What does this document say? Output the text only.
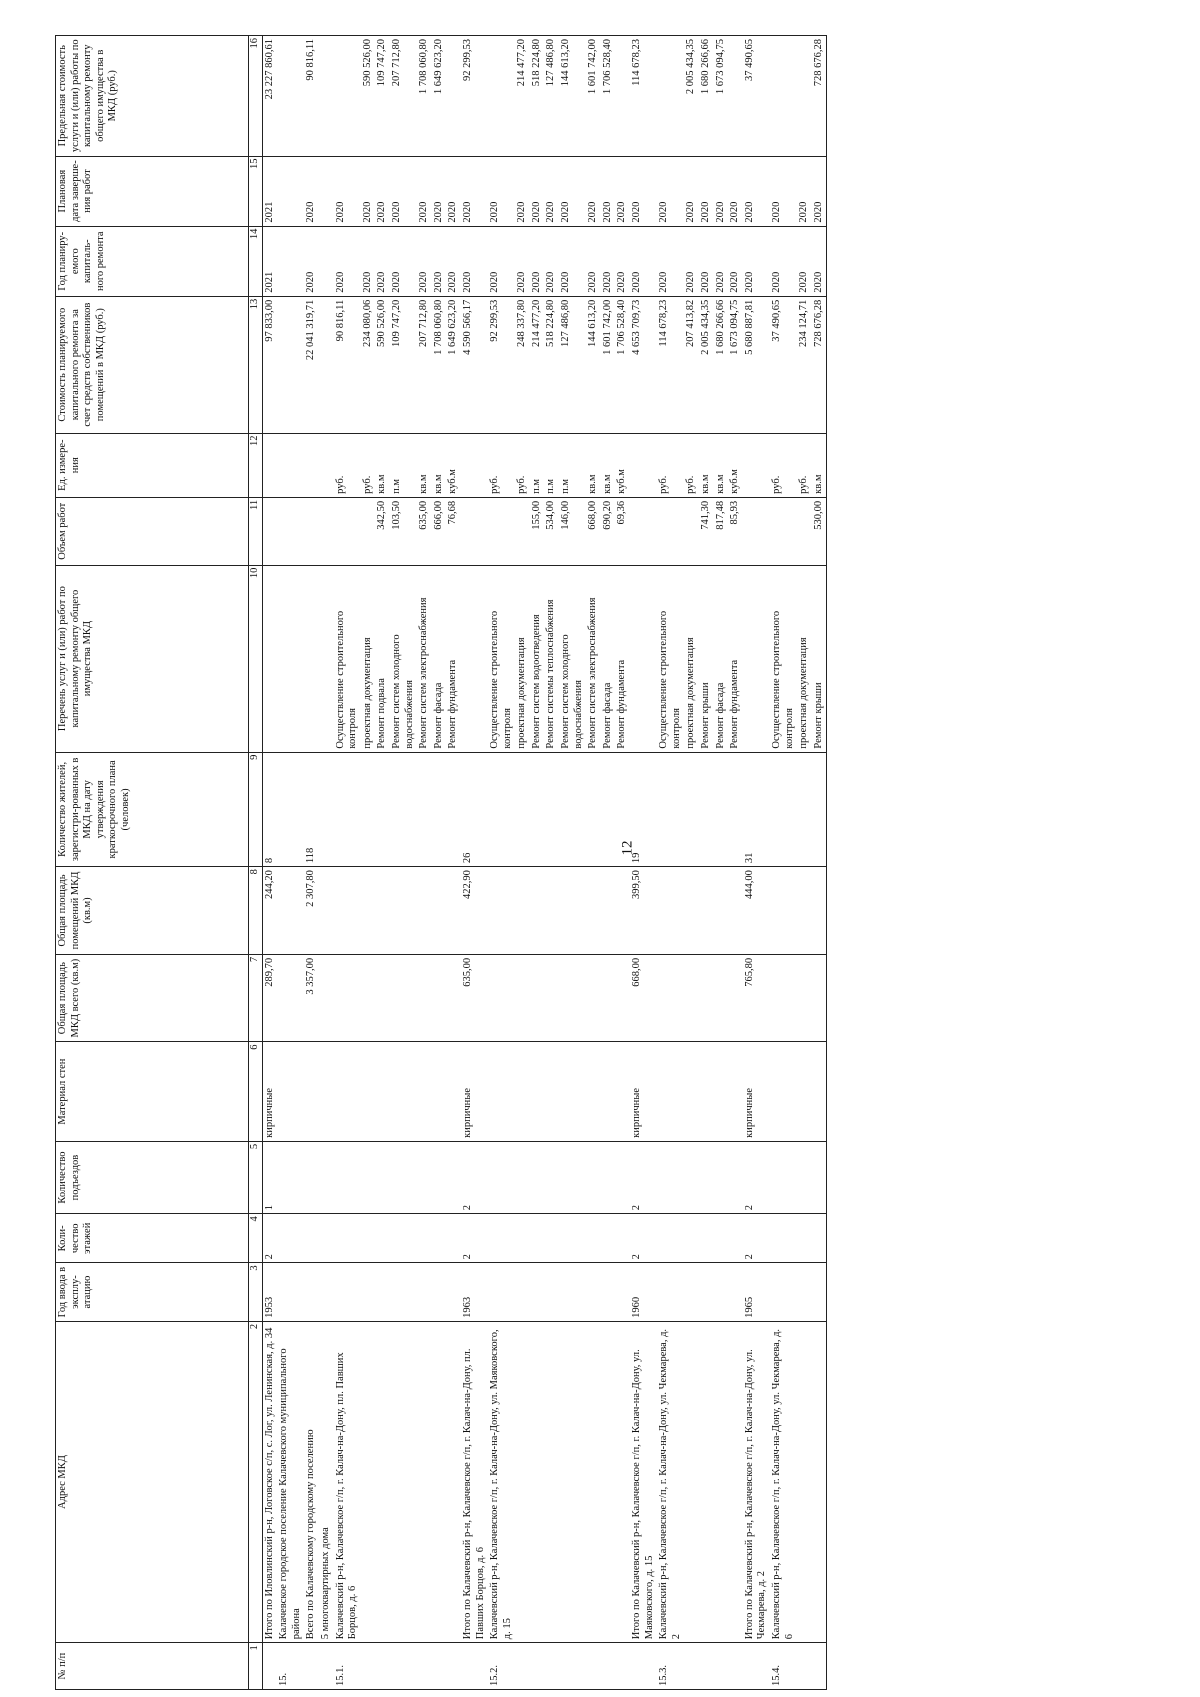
12
№ п/п	Адрес МКД	Год ввода в эксплу-атацию	Коли-чество этажей	Количество подъездов	Материал стен	Общая площадь МКД всего (кв.м)	Общая площадь помещений МКД (кв.м)	Количество жителей, зарегистри-рованных в МКД на дату утверждения краткосрочного плана (человек)	Перечень услуг и (или) работ по капитальному ремонту общего имущества МКД	Объем работ	Ед. измере-ния	Стоимость планируемого капитального ремонта за счет средств собственников помещений в МКД (руб.)	Год планиру-емого капиталь-ного ремонта	Плановая дата заверше-ния работ	Предельная стоимость услуги и (или) работы по капитальному ремонту общего имущества в МКД (руб.)
1	2	3	4	5	6	7	8	9	10	11	12	13	14	15	16
	Итого по Иловлинский р-н, Логовское с/п, с. Лог, ул. Ленинская, д. 34	1953	2	1	кирпичные	289,70	244,20	8				97 833,00	2021	2021	23 227 860,61
15.	Калачевское городское поселение Калачевского муниципального района														
	Всего по Калачевскому городскому поселению					3 357,00	2 307,80	118				22 041 319,71	2020	2020	90 816,11
	5 многоквартирных дома														
15.1.	Калачевский р-н, Калачевское г/п, г. Калач-на-Дону, пл. Павших Борцов, д. 6								Осуществление строительного контроля		руб.	90 816,11	2020	2020	
									проектная документация		руб.	234 080,06	2020	2020	590 526,00
									Ремонт подвала	342,50	кв.м	590 526,00	2020	2020	109 747,20
									Ремонт систем холодного водоснабжения	103,50	п.м	109 747,20	2020	2020	207 712,80
									Ремонт систем электроснабжения	635,00	кв.м	207 712,80	2020	2020	1 708 060,80
									Ремонт фасада	666,00	кв.м	1 708 060,80	2020	2020	1 649 623,20
									Ремонт фундамента	76,68	куб.м	1 649 623,20	2020	2020	
	Итого по Калачевский р-н, Калачевское г/п, г. Калач-на-Дону, пл. Павших Борцов, д. 6	1963	2	2	кирпичные	635,00	422,90	26				4 590 566,17	2020	2020	92 299,53
15.2.	Калачевский р-н, Калачевское г/п, г. Калач-на-Дону, ул. Маяковского, д. 15								Осуществление строительного контроля		руб.	92 299,53	2020	2020	
									проектная документация		руб.	248 337,80	2020	2020	214 477,20
									Ремонт систем водоотведения	155,00	п.м	214 477,20	2020	2020	518 224,80
									Ремонт системы теплоснабжения	534,00	п.м	518 224,80	2020	2020	127 486,80
									Ремонт систем холодного водоснабжения	146,00	п.м	127 486,80	2020	2020	144 613,20
									Ремонт систем электроснабжения	668,00	кв.м	144 613,20	2020	2020	1 601 742,00
									Ремонт фасада	690,20	кв.м	1 601 742,00	2020	2020	1 706 528,40
									Ремонт фундамента	69,36	куб.м	1 706 528,40	2020	2020	
	Итого по Калачевский р-н, Калачевское г/п, г. Калач-на-Дону, ул. Маяковского, д. 15	1960	2	2	кирпичные	668,00	399,50	19				4 653 709,73	2020	2020	114 678,23
15.3.	Калачевский р-н, Калачевское г/п, г. Калач-на-Дону, ул. Чекмарева, д. 2								Осуществление строительного контроля		руб.	114 678,23	2020	2020	
									проектная документация		руб.	207 413,82	2020	2020	2 005 434,35
									Ремонт крыши	741,30	кв.м	2 005 434,35	2020	2020	1 680 266,66
									Ремонт фасада	817,48	кв.м	1 680 266,66	2020	2020	1 673 094,75
									Ремонт фундамента	85,93	куб.м	1 673 094,75	2020	2020	
	Итого по Калачевский р-н, Калачевское г/п, г. Калач-на-Дону, ул. Чекмарева, д. 2	1965	2	2	кирпичные	765,80	444,00	31				5 680 887,81	2020	2020	37 490,65
15.4.	Калачевский р-н, Калачевское г/п, г. Калач-на-Дону, ул. Чекмарева, д. 6								Осуществление строительного контроля		руб.	37 490,65	2020	2020	
									проектная документация		руб.	234 124,71	2020	2020	
									Ремонт крыши	530,00	кв.м	728 676,28	2020	2020	728 676,28
